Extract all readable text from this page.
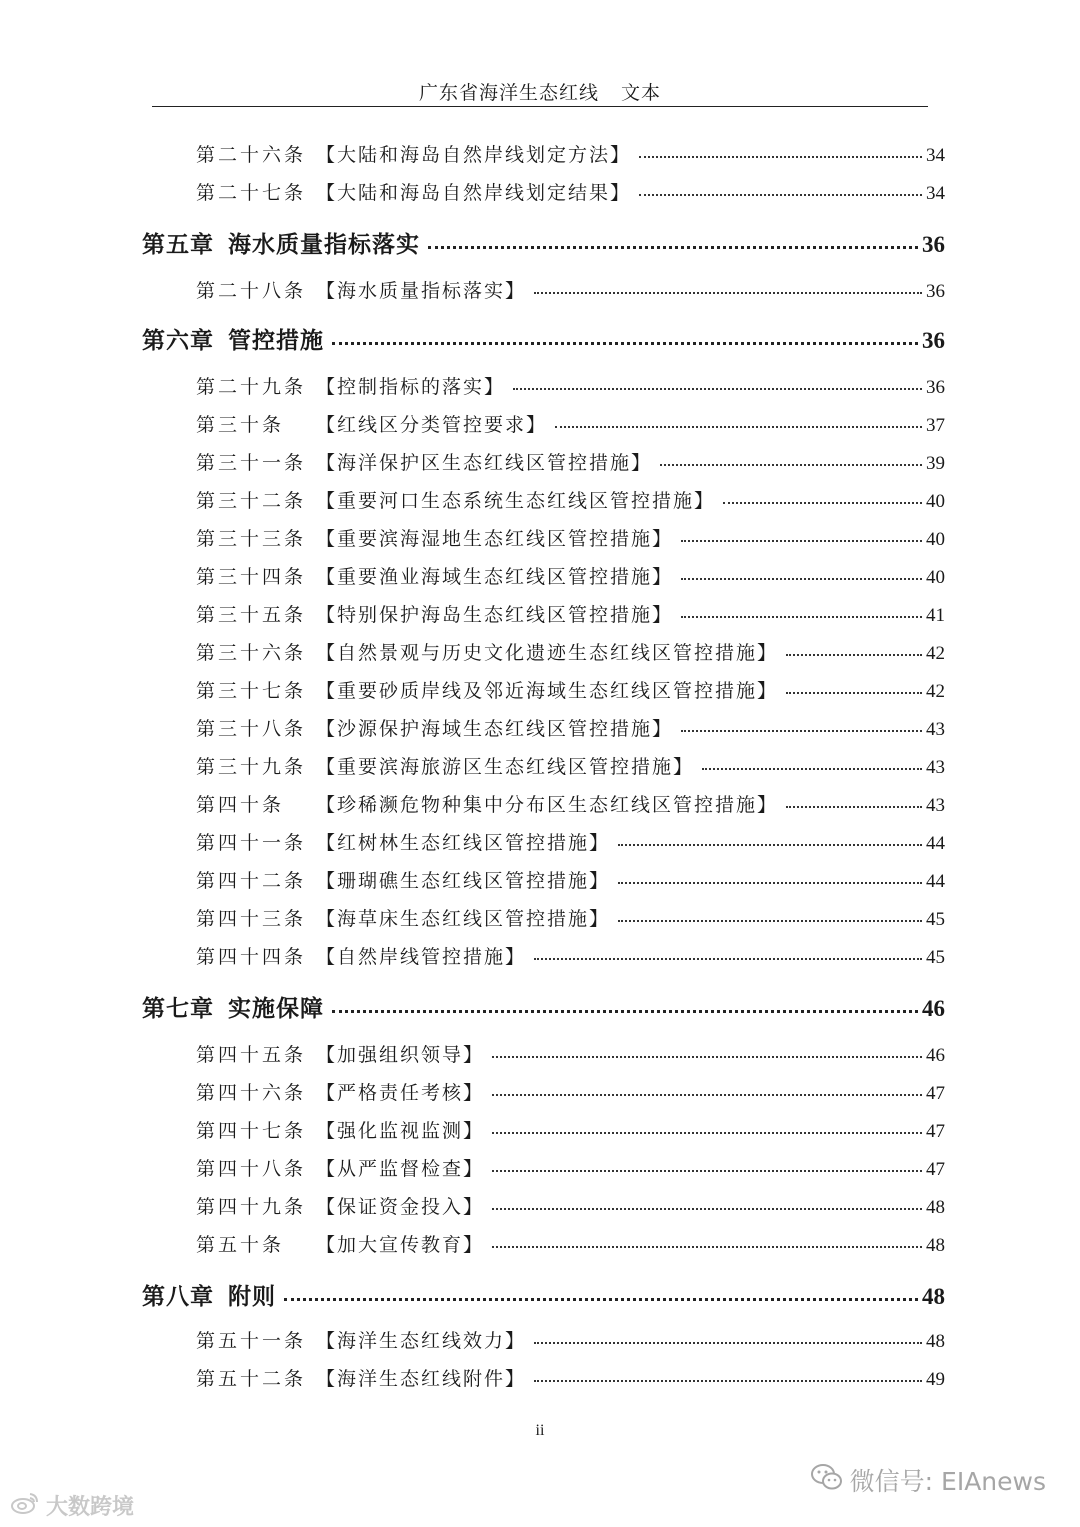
广东省海洋生态红线 文本
第二十六条 【大陆和海岛自然岸线划定方法】	34
第二十七条 【大陆和海岛自然岸线划定结果】	34
第五章 海水质量指标落实	36
第二十八条 【海水质量指标落实】	36
第六章 管控措施	36
第二十九条 【控制指标的落实】	36
第三十条	【红线区分类管控要求】	37
第三十一条 【海洋保护区生态红线区管控措施】	39
第三十二条 【重要河口生态系统生态红线区管控措施】	40
第三十三条 【重要滨海湿地生态红线区管控措施】	40
第三十四条 【重要渔业海域生态红线区管控措施】	40
第三十五条 【特别保护海岛生态红线区管控措施】	41
第三十六条 【自然景观与历史文化遗迹生态红线区管控措施】	42
第三十七条 【重要砂质岸线及邻近海域生态红线区管控措施】	42
第三十八条 【沙源保护海域生态红线区管控措施】	43
第三十九条 【重要滨海旅游区生态红线区管控措施】	43
第四十条	【珍稀濒危物种集中分布区生态红线区管控措施】	43
第四十一条 【红树林生态红线区管控措施】	44
第四十二条 【珊瑚礁生态红线区管控措施】	44
第四十三条 【海草床生态红线区管控措施】	45
第四十四条 【自然岸线管控措施】	45
第七章 实施保障	46
第四十五条 【加强组织领导】	46
第四十六条 【严格责任考核】	47
第四十七条 【强化监视监测】	47
第四十八条 【从严监督检查】	47
第四十九条 【保证资金投入】	48
第五十条	【加大宣传教育】	48
第八章 附则	48
第五十一条 【海洋生态红线效力】	48
第五十二条 【海洋生态红线附件】	49
ii
大数跨境
微信号: EIAnews
